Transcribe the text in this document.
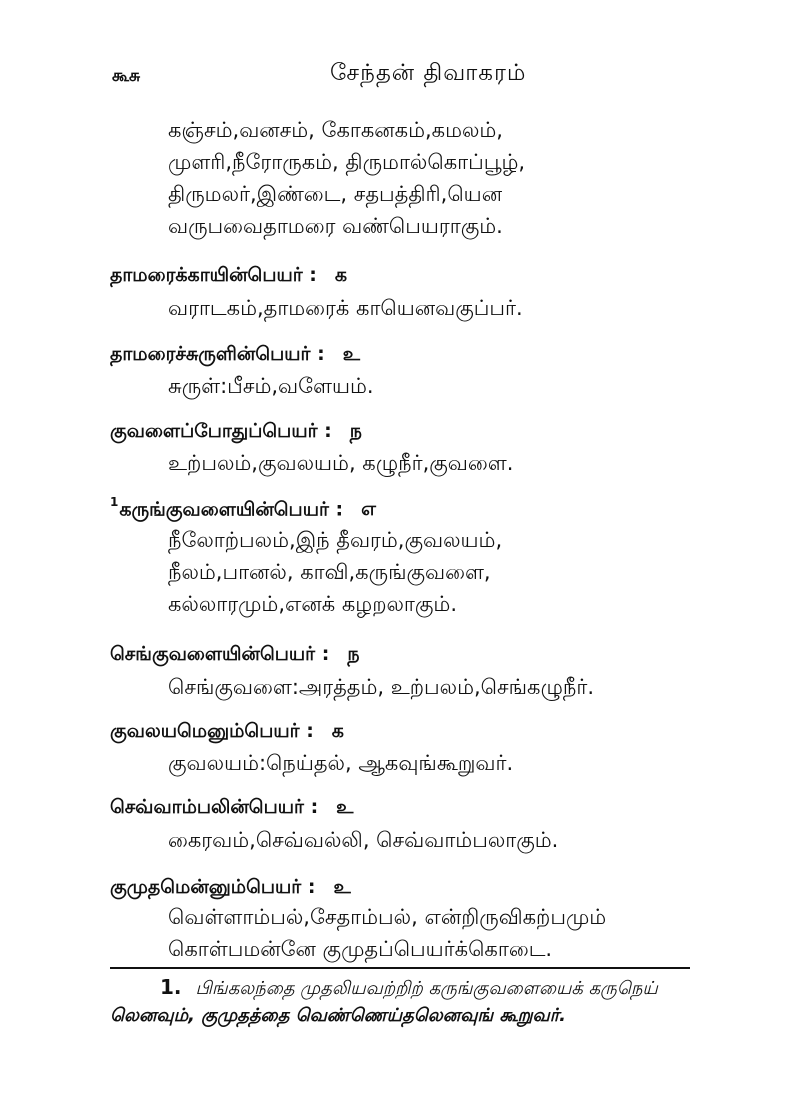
கூசு	சேந்தன் திவாகரம்
கஞ்சம்,வனசம், கோகனகம்,கமலம்,
முளரி,நீரோருகம், திருமால்கொப்பூழ்,
திருமலர்,இண்டை, சதபத்திரி,யென
வருபவைதாமரை வண்பெயராகும்.
தாமரைக்காயின்பெயர் : க
வராடகம்,தாமரைக் காயெனவகுப்பர்.
தாமரைச்சுருளின்பெயர் : உ
சுருள்:பீசம்,வளேயம்.
குவளைப்போதுப்பெயர் : ந
உற்பலம்,குவலயம், கழுநீர்,குவளை.
$^1$கருங்குவளையின்பெயர் : எ
நீலோற்பலம்,இந் தீவரம்,குவலயம்,
நீலம்,பானல், காவி,கருங்குவளை,
கல்லாரமும்,எனக் கழறலாகும்.
செங்குவளையின்பெயர் : ந
செங்குவளை:அரத்தம், உற்பலம்,செங்கழுநீர்.
குவலயமெனும்பெயர் : க
குவலயம்:நெய்தல், ஆகவுங்கூறுவர்.
செவ்வாம்பலின்பெயர் : உ
கைரவம்,செவ்வல்லி, செவ்வாம்பலாகும்.
குமுதமென்னும்பெயர் : உ
வெள்ளாம்பல்,சேதாம்பல், என்றிருவிகற்பமும்
கொள்பமன்னே குமுதப்பெயர்க்கொடை.
1. பிங்கலந்தை முதலியவற்றிற் கருங்குவளையைக் கருநெய்
லெனவும், குமுதத்தை வெண்ணெய்தலெனவுங் கூறுவர்.
